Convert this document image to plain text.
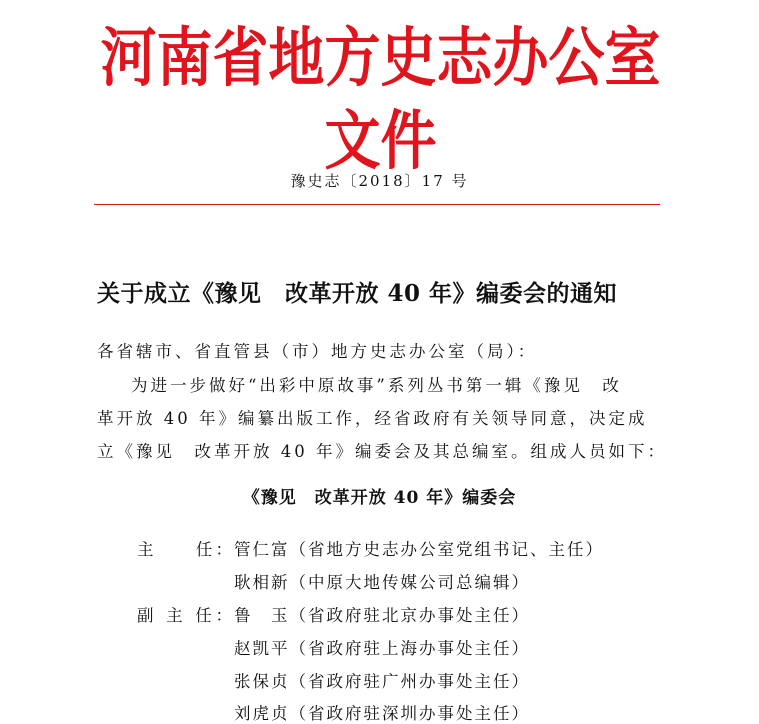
河南省地方史志办公室文件
豫史志〔2018〕17 号
关于成立《豫见　改革开放 40 年》编委会的通知
各省辖市、省直管县（市）地方史志办公室（局）：
为进一步做好“出彩中原故事”系列丛书第一辑《豫见　改
革开放 40 年》编纂出版工作，经省政府有关领导同意，决定成
立《豫见　改革开放 40 年》编委会及其总编室。组成人员如下：
《豫见　改革开放 40 年》编委会
主　　任： 管仁富（省地方史志办公室党组书记、主任）
耿相新（中原大地传媒公司总编辑）
副 主 任： 鲁　玉（省政府驻北京办事处主任）
赵凯平（省政府驻上海办事处主任）
张保贞（省政府驻广州办事处主任）
刘虎贞（省政府驻深圳办事处主任）
